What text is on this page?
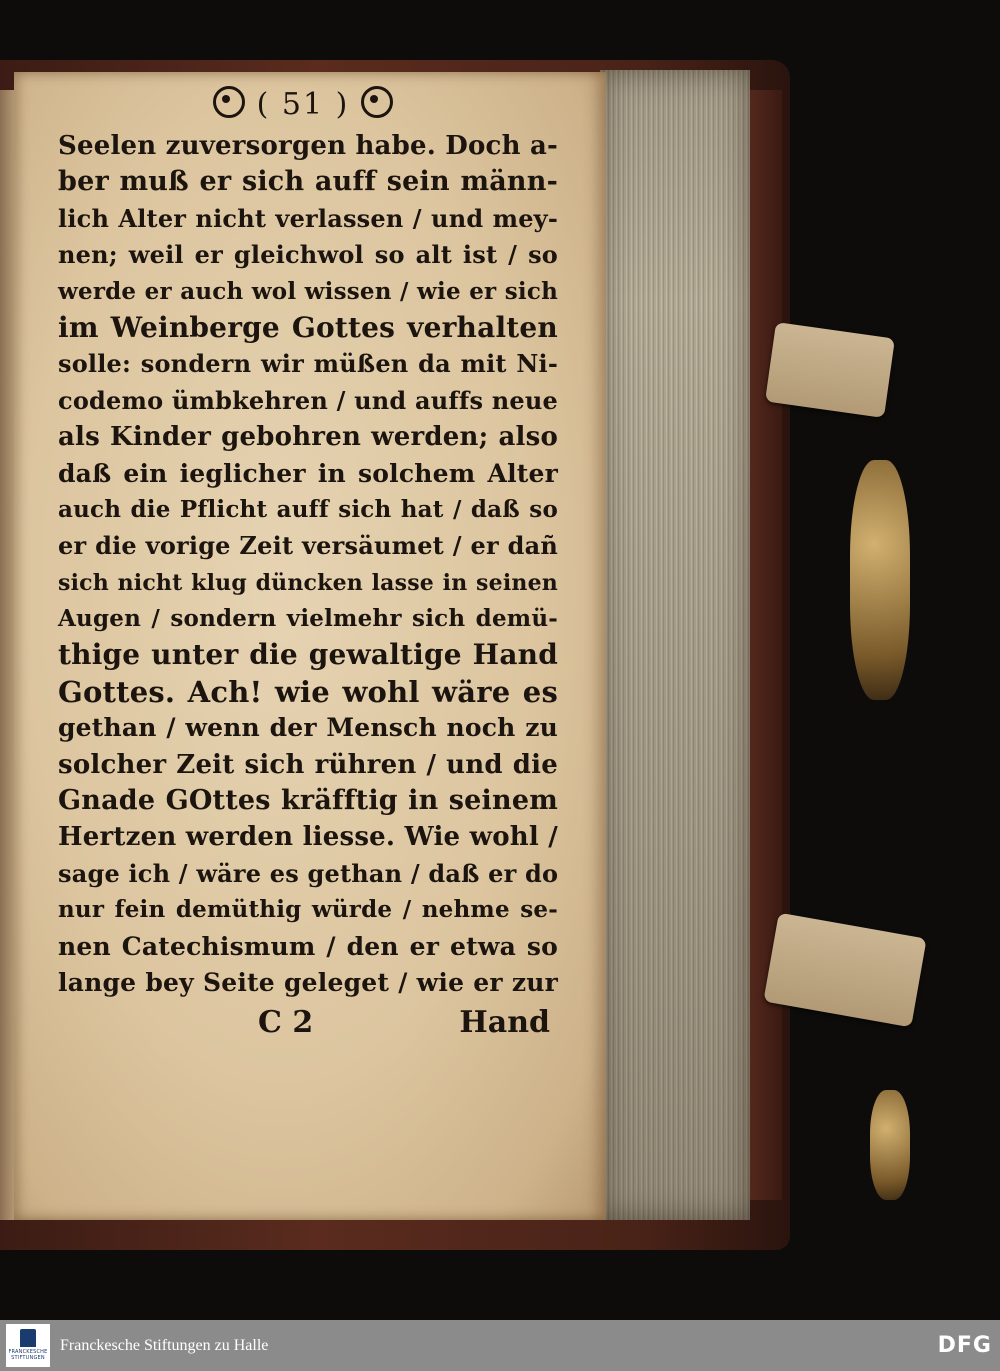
( 51 )
Seelen zuversorgen habe. Doch a-
ber muß er sich auff sein männ-
lich Alter nicht verlassen / und mey-
nen; weil er gleichwol so alt ist / so
werde er auch wol wissen / wie er sich
im Weinberge Gottes verhalten
solle: sondern wir müßen da mit Ni-
codemo ümbkehren / und auffs neue
als Kinder gebohren werden; also
daß ein ieglicher in solchem Alter
auch die Pflicht auff sich hat / daß so
er die vorige Zeit versäumet / er dañ
sich nicht klug düncken lasse in seinen
Augen / sondern vielmehr sich demü-
thige unter die gewaltige Hand
Gottes. Ach! wie wohl wäre es
gethan / wenn der Mensch noch zu
solcher Zeit sich rühren / und die
Gnade GOttes kräfftig in seinem
Hertzen werden liesse. Wie wohl /
sage ich / wäre es gethan / daß er do
nur fein demüthig würde / nehme se-
nen Catechismum / den er etwa so
lange bey Seite geleget / wie er zur
C 2	Hand
FRANCKESCHE STIFTUNGEN
Franckesche Stiftungen zu Halle	DFG
